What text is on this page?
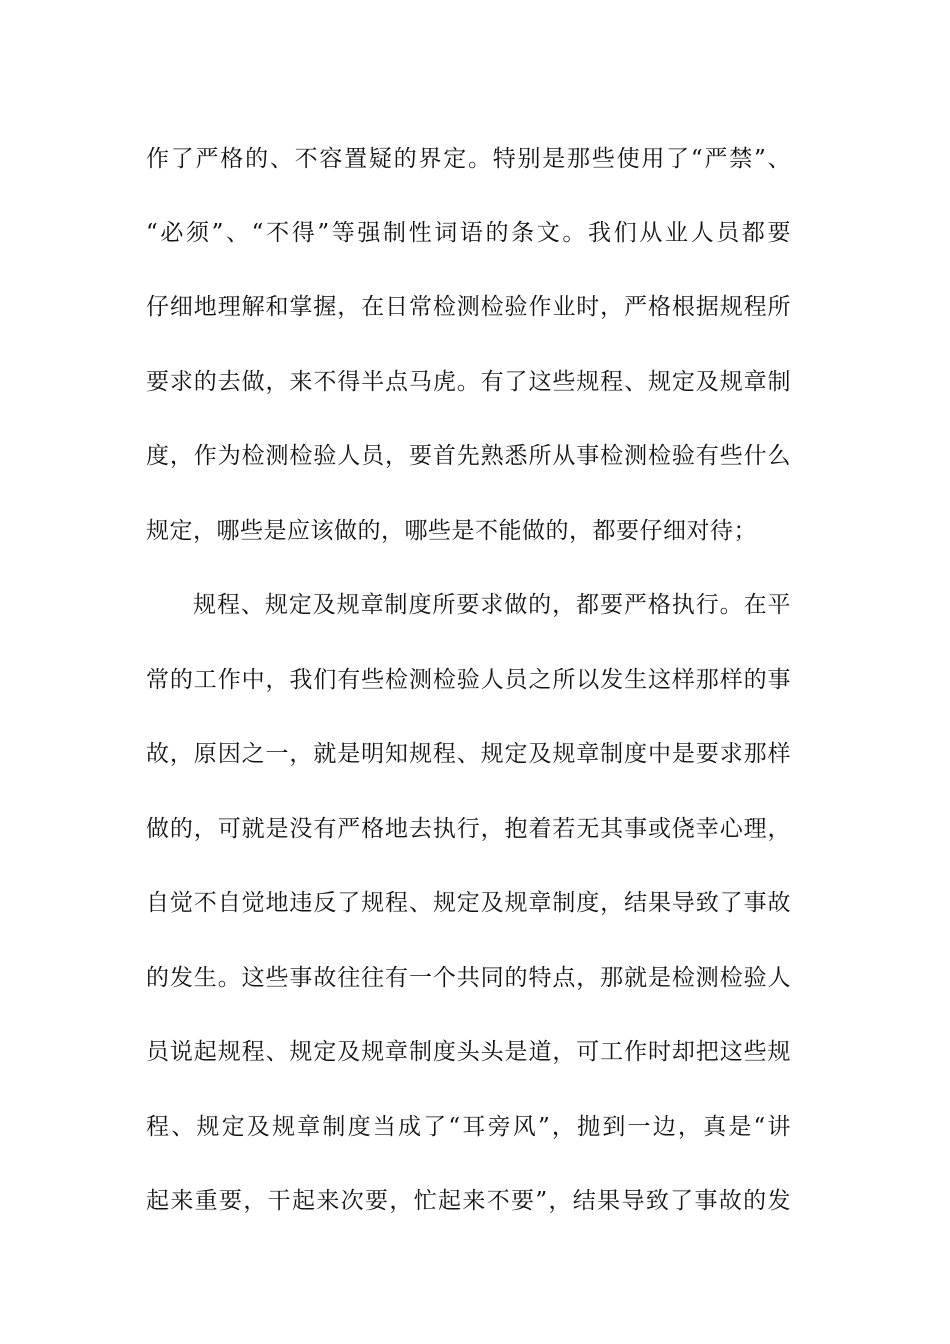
作了严格的、不容置疑的界定。特别是那些使用了“严禁”、
“必须”、“不得”等强制性词语的条文。我们从业人员都要
仔细地理解和掌握，在日常检测检验作业时，严格根据规程所
要求的去做，来不得半点马虎。有了这些规程、规定及规章制
度，作为检测检验人员，要首先熟悉所从事检测检验有些什么
规定，哪些是应该做的，哪些是不能做的，都要仔细对待；
规程、规定及规章制度所要求做的，都要严格执行。在平
常的工作中，我们有些检测检验人员之所以发生这样那样的事
故，原因之一，就是明知规程、规定及规章制度中是要求那样
做的，可就是没有严格地去执行，抱着若无其事或侥幸心理，
自觉不自觉地违反了规程、规定及规章制度，结果导致了事故
的发生。这些事故往往有一个共同的特点，那就是检测检验人
员说起规程、规定及规章制度头头是道，可工作时却把这些规
程、规定及规章制度当成了“耳旁风”，抛到一边，真是“讲
起来重要，干起来次要，忙起来不要”，结果导致了事故的发
